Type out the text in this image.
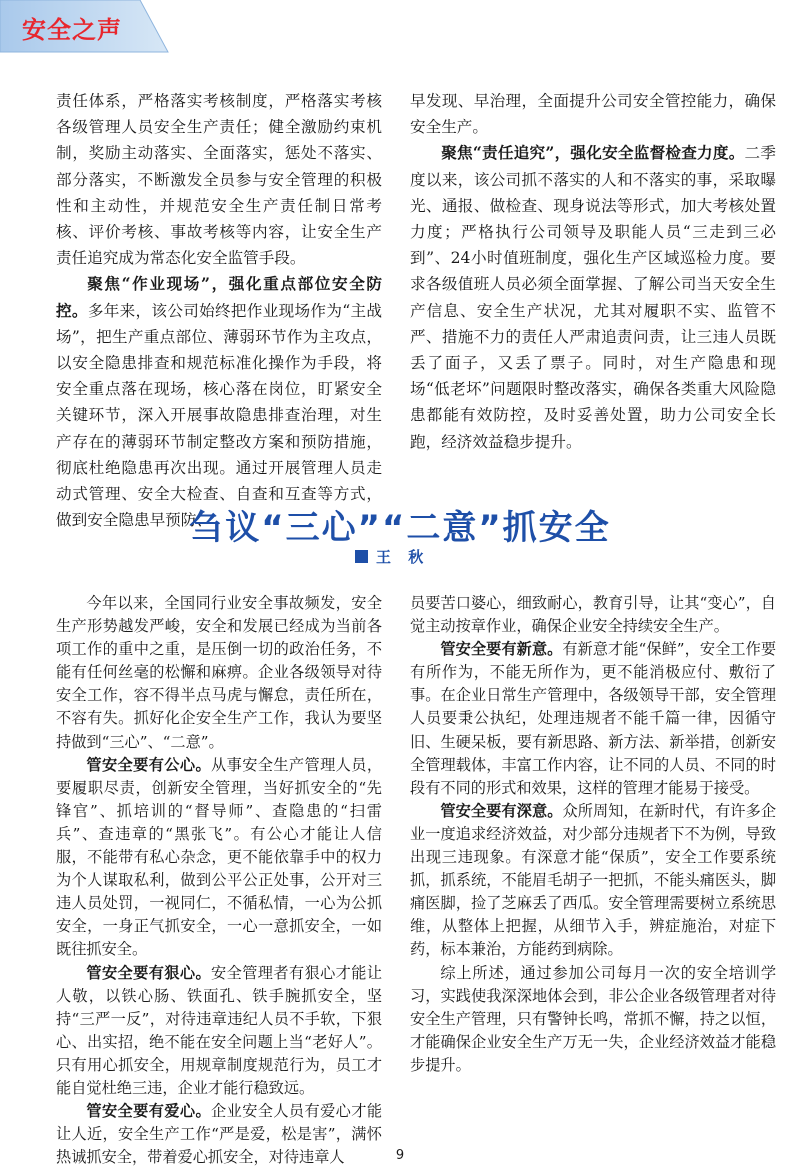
安全之声

责任体系，严格落实考核制度，严格落实考核各级管理人员安全生产责任；健全激励约束机制，奖励主动落实、全面落实，惩处不落实、部分落实，不断激发全员参与安全管理的积极性和主动性，并规范安全生产责任制日常考核、评价考核、事故考核等内容，让安全生产责任追究成为常态化安全监管手段。

聚焦“作业现场”，强化重点部位安全防控。多年来，该公司始终把作业现场作为“主战场”，把生产重点部位、薄弱环节作为主攻点，以安全隐患排查和规范标准化操作为手段，将安全重点落在现场，核心落在岗位，盯紧安全关键环节，深入开展事故隐患排查治理，对生产存在的薄弱环节制定整改方案和预防措施，彻底杜绝隐患再次出现。通过开展管理人员走动式管理、安全大检查、自查和互查等方式，做到安全隐患早预防、

早发现、早治理，全面提升公司安全管控能力，确保安全生产。

聚焦“责任追究”，强化安全监督检查力度。二季度以来，该公司抓不落实的人和不落实的事，采取曝光、通报、做检查、现身说法等形式，加大考核处置力度；严格执行公司领导及职能人员“三走到三必到”、24小时值班制度，强化生产区域巡检力度。要求各级值班人员必须全面掌握、了解公司当天安全生产信息、安全生产状况，尤其对履职不实、监管不严、措施不力的责任人严肃追责问责，让三违人员既丢了面子，又丢了票子。同时，对生产隐患和现场“低老坏”问题限时整改落实，确保各类重大风险隐患都能有效防控，及时妥善处置，助力公司安全长跑，经济效益稳步提升。

刍议“三心”“二意”抓安全
王 秋

今年以来，全国同行业安全事故频发，安全生产形势越发严峻，安全和发展已经成为当前各项工作的重中之重，是压倒一切的政治任务，不能有任何丝毫的松懈和麻痹。企业各级领导对待安全工作，容不得半点马虎与懈怠，责任所在，不容有失。抓好化企安全生产工作，我认为要坚持做到“三心”、“二意”。

管安全要有公心。从事安全生产管理人员，要履职尽责，创新安全管理，当好抓安全的“先锋官”、抓培训的“督导师”、查隐患的“扫雷兵”、查违章的“黑张飞”。有公心才能让人信服，不能带有私心杂念，更不能依靠手中的权力为个人谋取私利，做到公平公正处事，公开对三违人员处罚，一视同仁，不循私情，一心为公抓安全，一身正气抓安全，一心一意抓安全，一如既往抓安全。

管安全要有狠心。安全管理者有狠心才能让人敬，以铁心肠、铁面孔、铁手腕抓安全，坚持“三严一反”，对待违章违纪人员不手软，下狠心、出实招，绝不能在安全问题上当“老好人”。只有用心抓安全，用规章制度规范行为，员工才能自觉杜绝三违，企业才能行稳致远。

管安全要有爱心。企业安全人员有爱心才能让人近，安全生产工作“严是爱，松是害”，满怀热诚抓安全，带着爱心抓安全，对待违章人

员要苦口婆心，细致耐心，教育引导，让其“变心”，自觉主动按章作业，确保企业安全持续安全生产。

管安全要有新意。有新意才能“保鲜”，安全工作要有所作为，不能无所作为，更不能消极应付、敷衍了事。在企业日常生产管理中，各级领导干部，安全管理人员要秉公执纪，处理违规者不能千篇一律，因循守旧、生硬呆板，要有新思路、新方法、新举措，创新安全管理载体，丰富工作内容，让不同的人员、不同的时段有不同的形式和效果，这样的管理才能易于接受。

管安全要有深意。众所周知，在新时代，有许多企业一度追求经济效益，对少部分违规者下不为例，导致出现三违现象。有深意才能“保质”，安全工作要系统抓，抓系统，不能眉毛胡子一把抓，不能头痛医头，脚痛医脚，捡了芝麻丢了西瓜。安全管理需要树立系统思维，从整体上把握，从细节入手，辨症施治，对症下药，标本兼治，方能药到病除。

综上所述，通过参加公司每月一次的安全培训学习，实践使我深深地体会到，非公企业各级管理者对待安全生产管理，只有警钟长鸣，常抓不懈，持之以恒，才能确保企业安全生产万无一失，企业经济效益才能稳步提升。

9
